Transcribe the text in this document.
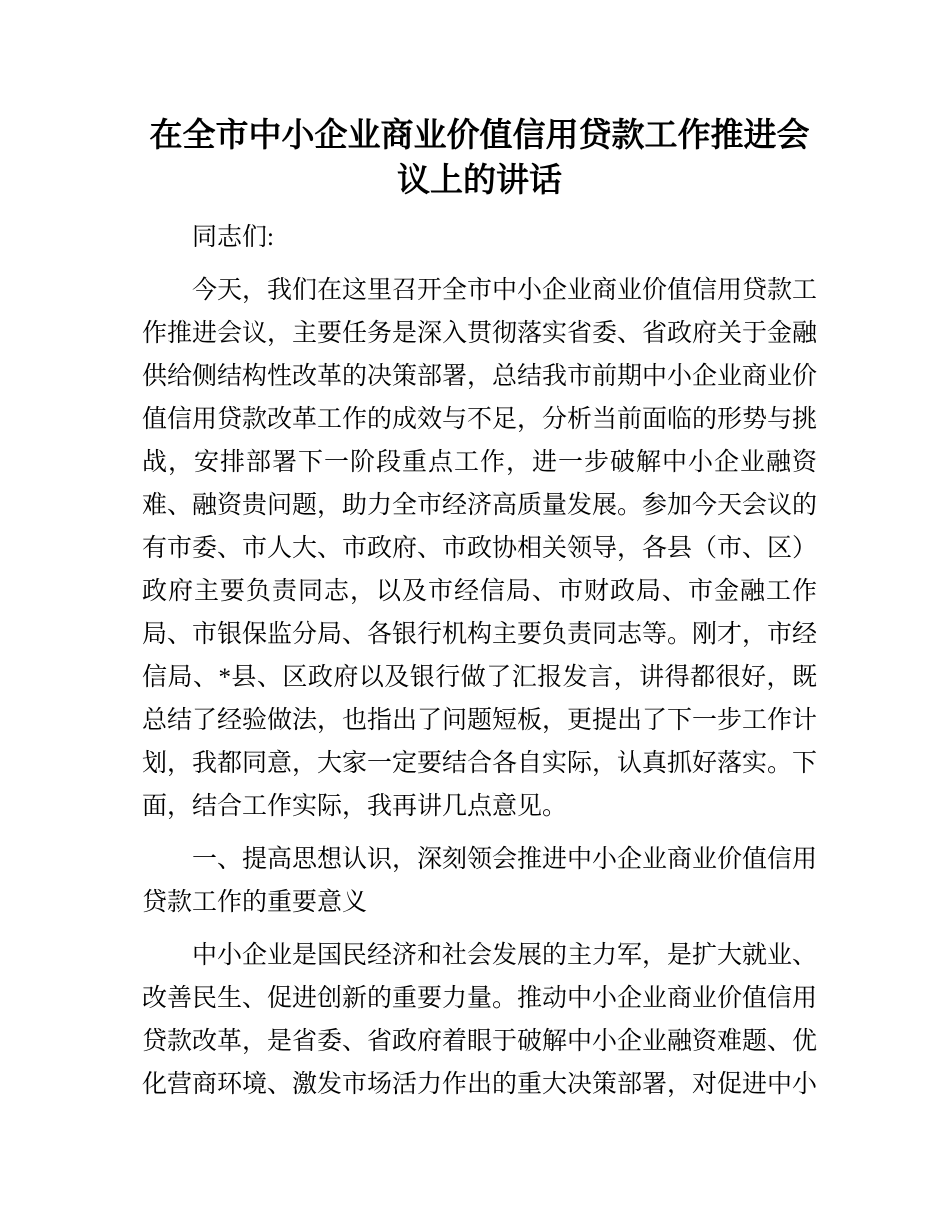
在全市中小企业商业价值信用贷款工作推进会议上的讲话

同志们:

今天，我们在这里召开全市中小企业商业价值信用贷款工作推进会议，主要任务是深入贯彻落实省委、省政府关于金融供给侧结构性改革的决策部署，总结我市前期中小企业商业价值信用贷款改革工作的成效与不足，分析当前面临的形势与挑战，安排部署下一阶段重点工作，进一步破解中小企业融资难、融资贵问题，助力全市经济高质量发展。参加今天会议的有市委、市人大、市政府、市政协相关领导，各县（市、区）政府主要负责同志，以及市经信局、市财政局、市金融工作局、市银保监分局、各银行机构主要负责同志等。刚才，市经信局、*县、区政府以及银行做了汇报发言，讲得都很好，既总结了经验做法，也指出了问题短板，更提出了下一步工作计划，我都同意，大家一定要结合各自实际，认真抓好落实。下面，结合工作实际，我再讲几点意见。

一、提高思想认识，深刻领会推进中小企业商业价值信用贷款工作的重要意义

中小企业是国民经济和社会发展的主力军，是扩大就业、改善民生、促进创新的重要力量。推动中小企业商业价值信用贷款改革，是省委、省政府着眼于破解中小企业融资难题、优化营商环境、激发市场活力作出的重大决策部署，对促进中小
